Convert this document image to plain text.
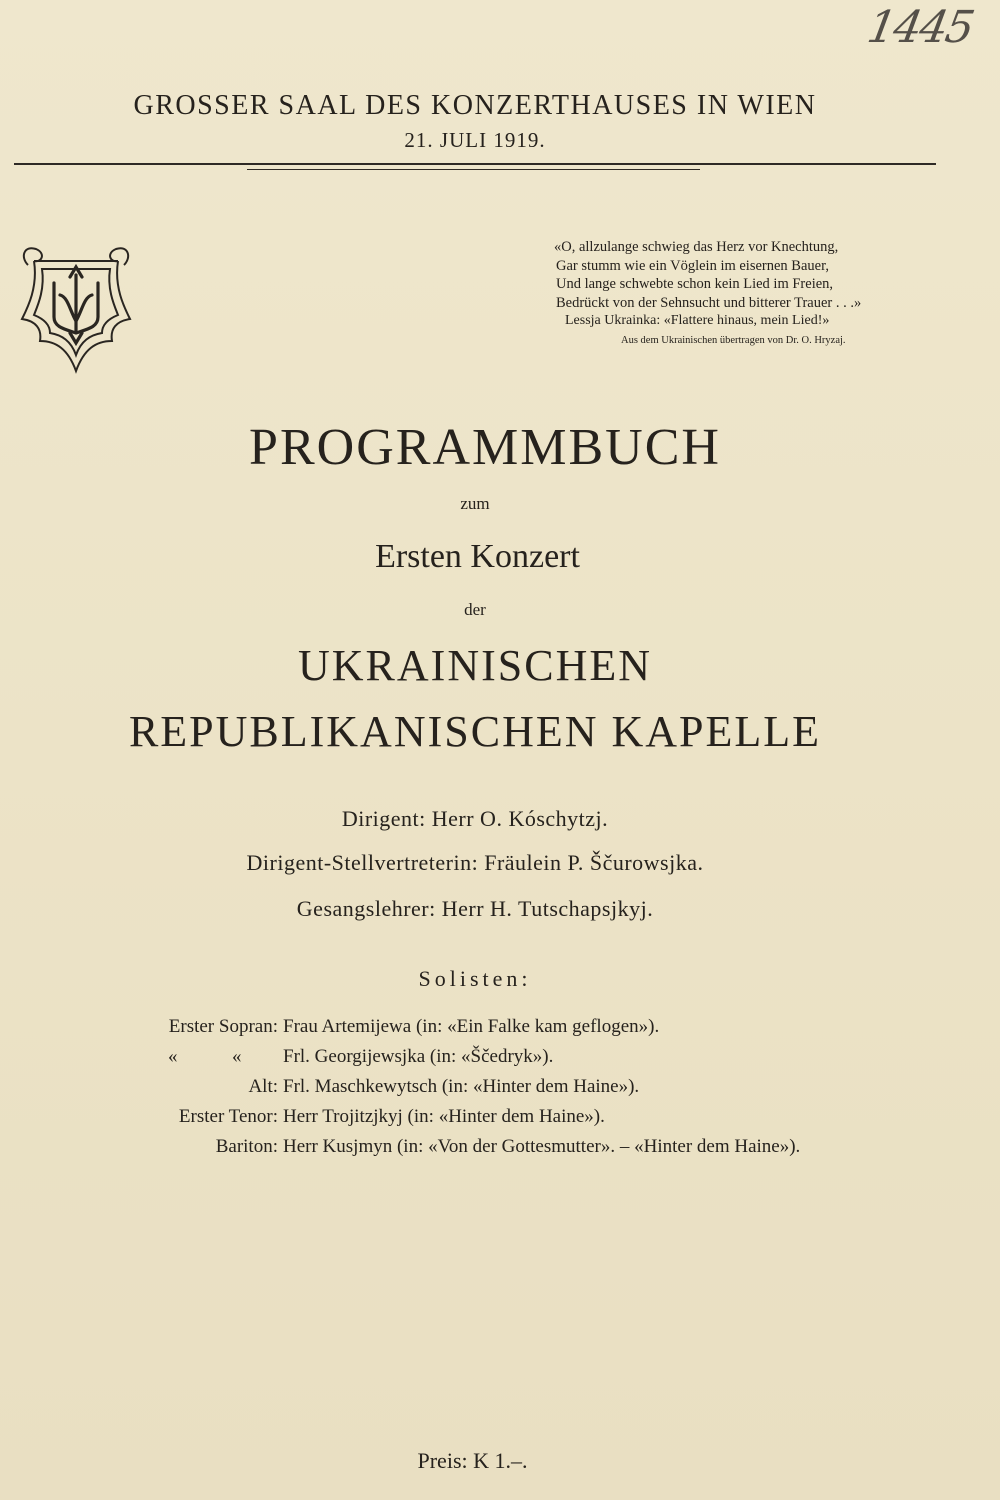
1445
GROSSER SAAL DES KONZERTHAUSES IN WIEN
21. JULI 1919.
«O, allzulange schwieg das Herz vor Knechtung,
Gar stumm wie ein Vöglein im eisernen Bauer,
Und lange schwebte schon kein Lied im Freien,
Bedrückt von der Sehnsucht und bitterer Trauer . . .»
Lessja Ukrainka: «Flattere hinaus, mein Lied!»
Aus dem Ukrainischen übertragen von Dr. O. Hryzaj.
PROGRAMMBUCH
zum
Ersten Konzert
der
UKRAINISCHEN
REPUBLIKANISCHEN KAPELLE
Dirigent: Herr O. Kóschytzj.
Dirigent-Stellvertreterin: Fräulein P. Ščurowsjka.
Gesangslehrer: Herr H. Tutschapsjkyj.
Solisten:
Erster Sopran: Frau Artemijewa (in: «Ein Falke kam geflogen»).
«	« Frl. Georgijewsjka (in: «Ščedryk»).
Alt: Frl. Maschkewytsch (in: «Hinter dem Haine»).
Erster Tenor: Herr Trojitzjkyj (in: «Hinter dem Haine»).
Bariton: Herr Kusjmyn (in: «Von der Gottesmutter». – «Hinter dem Haine»).
Preis: K 1.–.
